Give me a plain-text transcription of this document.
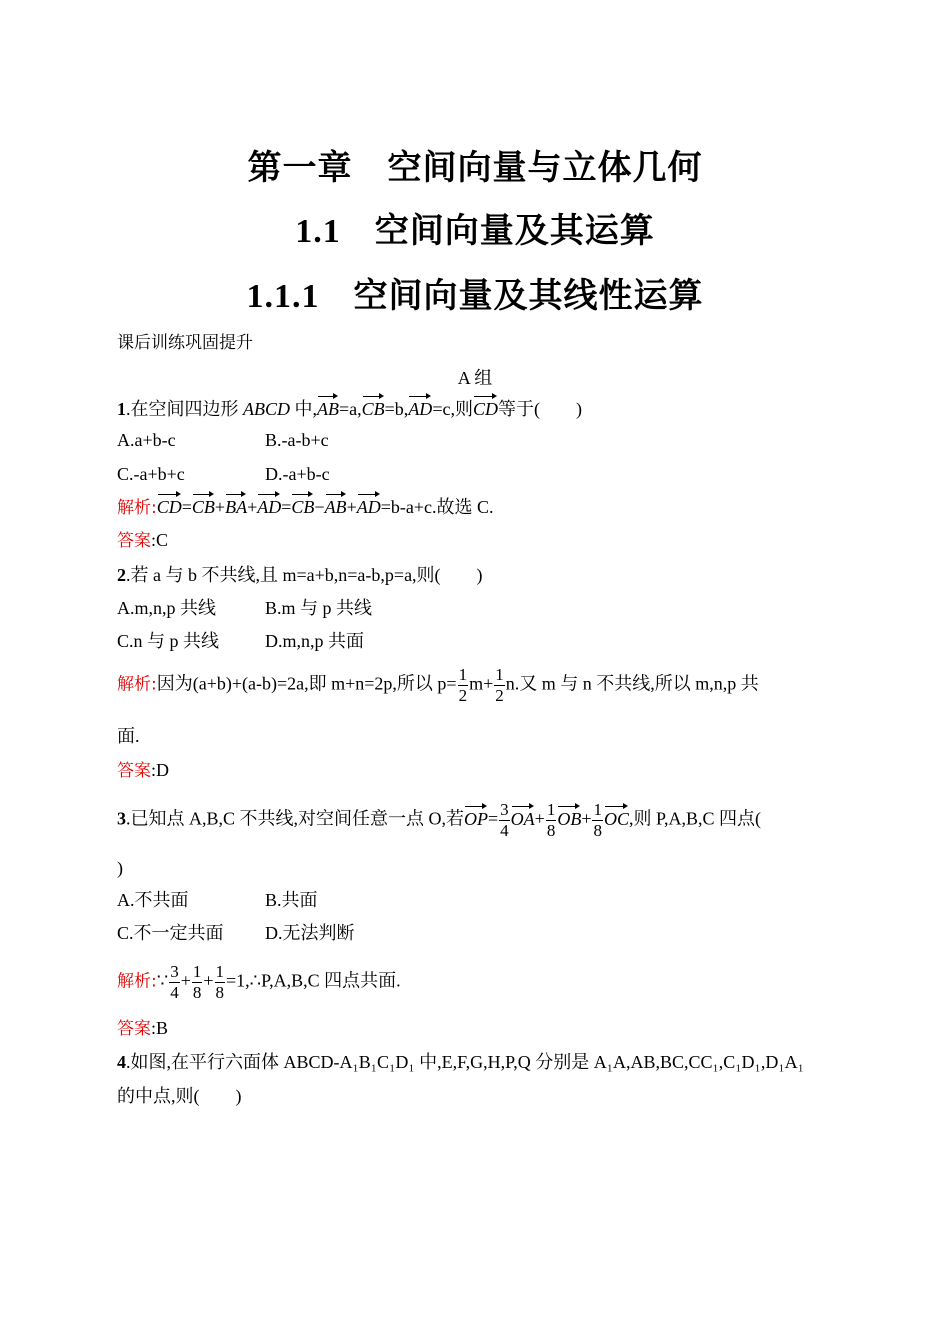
第一章　空间向量与立体几何
1.1 空间向量及其运算
1.1.1 空间向量及其线性运算
课后训练巩固提升
A 组
1.在空间四边形 ABCD 中,AB=a,CB=b,AD=c,则CD等于(　　)
A.a+b-c	B.-a-b+c
C.-a+b+c	D.-a+b-c
解析:CD=CB+BA+AD=CB−AB+AD=b-a+c.故选 C.
答案:C
2.若 a 与 b 不共线,且 m=a+b,n=a-b,p=a,则(　　)
A.m,n,p 共线	B.m 与 p 共线
C.n 与 p 共线	D.m,n,p 共面
解析:因为(a+b)+(a-b)=2a,即 m+n=2p,所以 $p= \frac{1}{2} m+ \frac{1}{2} n$.又 m 与 n 不共线,所以 m,n,p 共
面.
答案:D
3.已知点 A,B,C 不共线,对空间任意一点 O,若$OP= \frac{3}{4} OA+ \frac{1}{8} OB+ \frac{1}{8}$ OC,则 P,A,B,C 四点(
)
A.不共面	B.共面
C.不一定共面 D.无法判断
解析:∵ $\frac{3}{4} + \frac{1}{8} + \frac{1}{8}$ =1,∴P,A,B,C 四点共面.
答案:B
4.如图,在平行六面体 ABCD-A₁B₁C₁D₁ 中,E,F,G,H,P,Q 分别是 A₁A,AB,BC,CC₁,C₁D₁,D₁A₁
的中点,则(　　)
